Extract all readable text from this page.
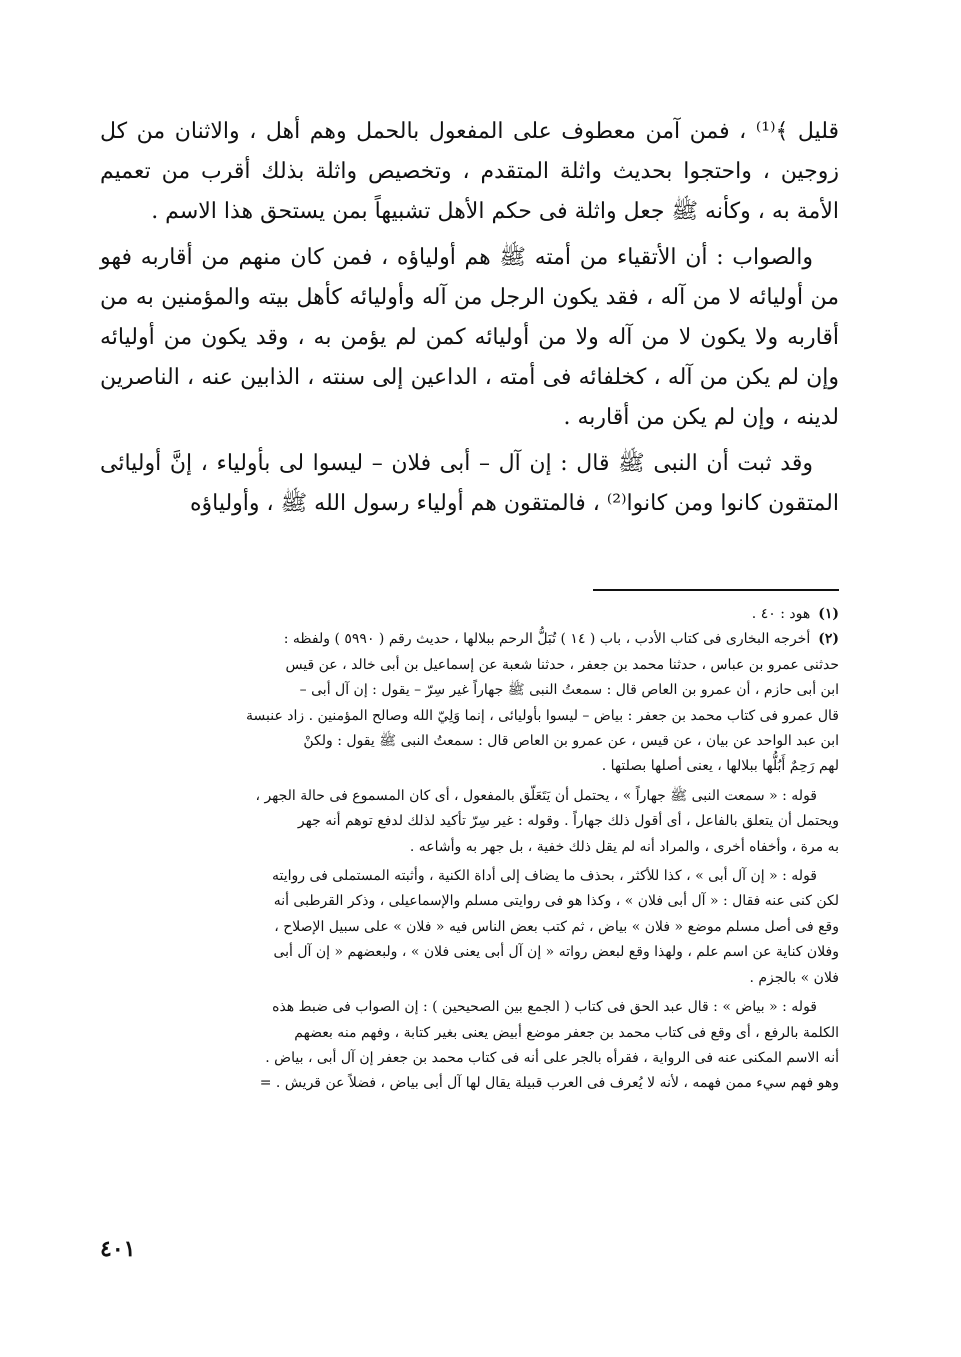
قليل ﴾⁽¹⁾ ، فمن آمن معطوف على المفعول بالحمل وهم أهل ، والاثنان من كل زوجين ، واحتجوا بحديث واثلة المتقدم ، وتخصيص واثلة بذلك أقرب من تعميم الأمة به ، وكأنه ﷺ جعل واثلة فى حكم الأهل تشبيهاً بمن يستحق هذا الاسم .

والصواب : أن الأتقياء من أمته ﷺ هم أولياؤه ، فمن كان منهم من أقاربه فهو من أوليائه لا من آله ، فقد يكون الرجل من آله وأوليائه كأهل بيته والمؤمنين به من أقاربه ولا يكون لا من آله ولا من أوليائه كمن لم يؤمن به ، وقد يكون من أوليائه وإن لم يكن من آله ، كخلفائه فى أمته ، الداعين إلى سنته ، الذابين عنه ، الناصرين لدينه ، وإن لم يكن من أقاربه .

وقد ثبت أن النبى ﷺ قال : إن آل – أبى فلان – ليسوا لى بأولياء ، إنَّ أوليائى المتقون كانوا ومن كانوا⁽²⁾ ، فالمتقون هم أولياء رسول الله ﷺ ، وأولياؤه

(١)هود : ٤٠ .

(٢)أخرجه البخارى فى كتاب الأدب ، باب ( ١٤ ) تُبَلُّ الرحم ببلالها ، حديث رقم ( ٥٩٩٠ ) ولفظه :

حدثنى عمرو بن عباس ، حدثنا محمد بن جعفر ، حدثنا شعبة عن إسماعيل بن أبى خالد ، عن قيس

ابن أبى حازم ، أن عمرو بن العاص قال : سمعتُ النبى ﷺ جهاراً غير سِرّ – يقول : إن آل أبى –

قال عمرو فى كتاب محمد بن جعفر : بياض – ليسوا بأوليائى ، إنما وَلِيّ الله وصالح المؤمنين . زاد عنبسة

ابن عبد الواحد عن بيان ، عن قيس ، عن عمرو بن العاص قال : سمعتُ النبى ﷺ يقول : ولكنْ

لهم رَحِمٌ أَبُلُّها ببلالها ، يعنى أصلها بصلتها .

قوله : « سمعت النبى ﷺ جهاراً » ، يحتمل أن يَتَعَلّق بالمفعول ، أى كان المسموع فى حالة الجهر ،

ويحتمل أن يتعلق بالفاعل ، أى أقول ذلك جهاراً . وقوله : غير سِرّ تأكيد لذلك لدفع توهم أنه جهر

به مرة ، وأخفاه أخرى ، والمراد أنه لم يقل ذلك خفية ، بل جهر به وأشاعه .

قوله : « إن آل أبى » ، كذا للأكثر ، بحذف ما يضاف إلى أداة الكنية ، وأثبته المستملى فى روايته

لكن كنى عنه فقال : « آل أبى فلان » ، وكذا هو فى روايتى مسلم والإسماعيلى ، وذكر القرطبى أنه

وقع فى أصل مسلم موضع « فلان » بياض ، ثم كتب بعض الناس فيه « فلان » على سبيل الإصلاح ،

وفلان كناية عن اسم علم ، ولهذا وقع لبعض رواته « إن آل أبى يعنى فلان » ، ولبعضهم « إن آل أبى

فلان » بالجزم .

قوله : « بياض » : قال عبد الحق فى كتاب ( الجمع بين الصحيحين ) : إن الصواب فى ضبط هذه

الكلمة بالرفع ، أى وقع فى كتاب محمد بن جعفر موضع أبيض يعنى بغير كتابة ، وفهم منه بعضهم

أنه الاسم المكنى عنه فى الرواية ، فقرأه بالجر على أنه فى كتاب محمد بن جعفر إن آل أبى ، بياض .

وهو فهم سيء ممن فهمه ، لأنه لا يُعرف فى العرب قبيلة يقال لها آل أبى بياض ، فضلاً عن قريش . =

٤٠١
